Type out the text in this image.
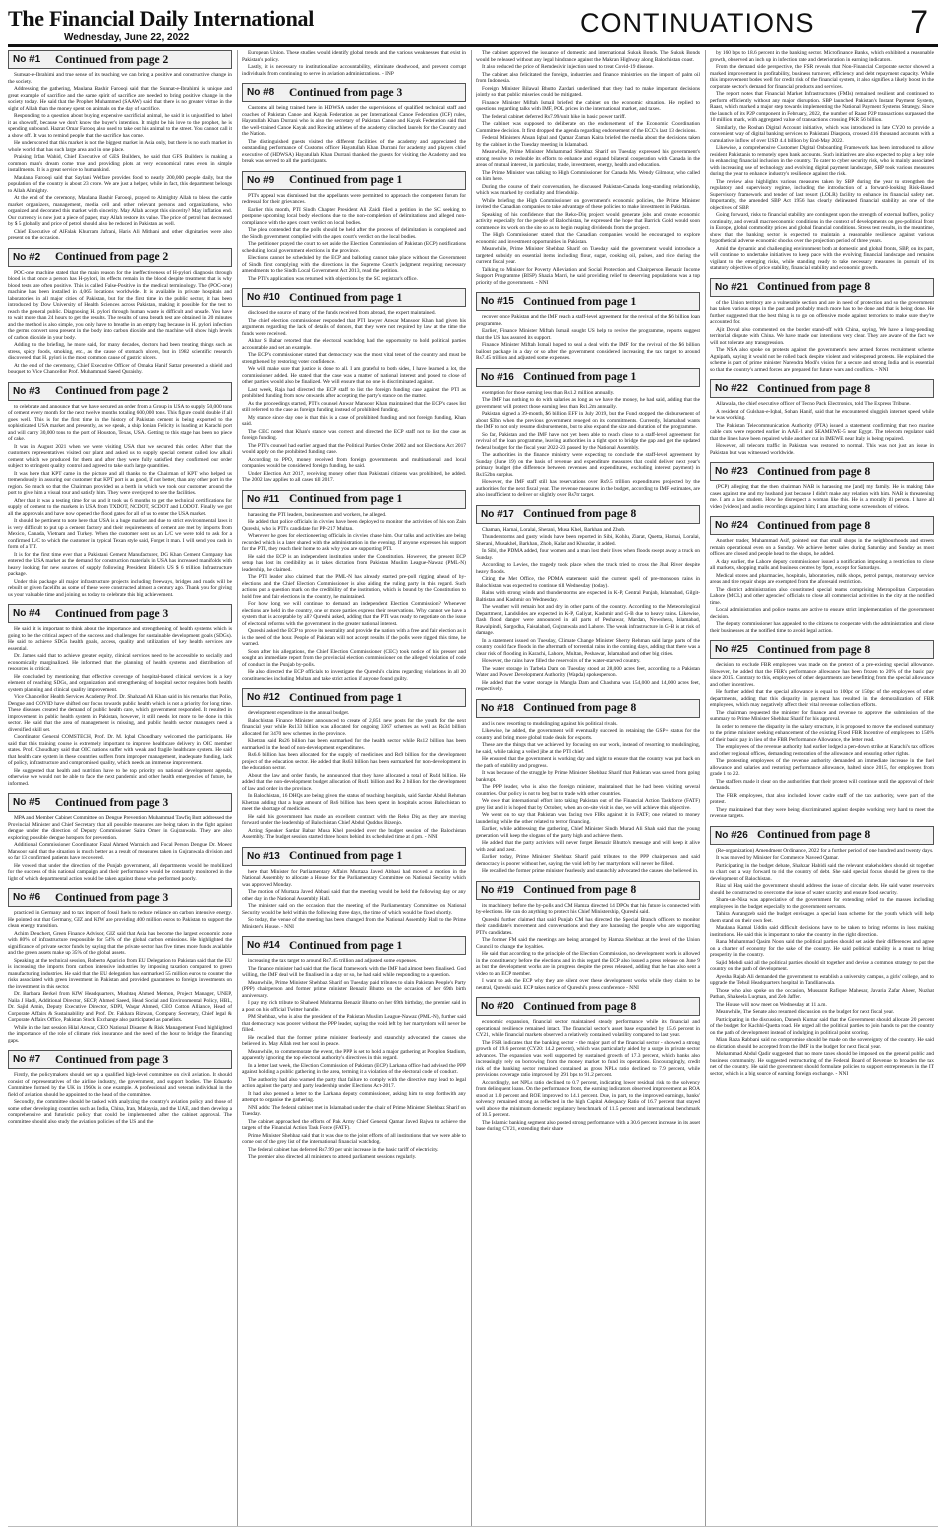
The Financial Daily International
Wednesday, June 22, 2022	CONTINUATIONS	7
No #1	Continued from page 2

Sumsat-e-Ibrahimi and true sense of its teaching we can bring a positive and constructive change in the society.

Addressing the gathering, Maulana Bashir Farooqi said that the Sunnat-e-Ibrahimi is unique and great example of sacrifice and the same spirit of sacrifice are needed to bring positive change in the society today. He said that the Prophet Muhammed (SAAW) said that there is no greater virtue in the sight of Allah than the money spent on animals on the day of sacrifice.

Responding to a question about buying expensive sacrificial animal, he said it is unjustified to label it as showoff, because we don't know the buyer's intention. It might be his love to the prophet, he is spending unbound. Hazrat Omar Farooq also used to take out his animal to the street. You cannot call it a show off. It was to remind people that the sacrifice has come.

He underscored that this market is not the biggest market in Asia only, but there is no such market in whole world that has such large area and in one place.

Praising Irfan Wahid, Chief Executive of GES Builders, he said that GFS Builders is making a common man's dream come true and providing plots at very economical rates even in simple installments. It is a great service to humankind.

Maulana Farooqi said that Saylani Welfare provides food to nearly 200,000 people daily, but the population of the country is about 23 crore. We are just a helper, while in fact, this department belongs to Allah Almighty.

At the end of the ceremony, Maulana Bashir Farooqi, prayed to Almighty Allah to bless the cattle market organizers, management, media cell and other relevant persons and organizations, who organized and decorated this market with sincerity. May Allah accept this sincerity? May inflation end. Our currency is now just a piece of paper, may Allah restore its value. The price of petrol has decreased by $ 5 globally and price of petrol should also be reduced in Pakistan as well.

Chief Executive of AlFalak Khurram Jafrani, Haris Ali Mithani and other dignitaries were also present on the occasion.

No #2	Continued from page 2

POC-one machine stated that the main reason for the ineffectiveness of H-pylori diagnosis through blood is that once a person has H-pylori, its effects remain in the blood despite treatment that is why blood tests are often positive. This is called False-Positive in the medical terminology. The (POC-one) machine has been installed in 4,065 locations worldwide. It is available in private hospitals and laboratories in all major cities of Pakistan, but for the first time in the public sector, it has been introduced by Dow University of Health Sciences across Pakistan, making it possible for the test to reach the general public. Diagnosing H. pylori through human waste is difficult and unsafe. You have to wait more than 24 hours to get the results. The results of urea breath test are obtained in 20 minutes and the method is also simple, you only have to breathe in an empty bag because in H. pylori infection the germs convert urea present in the body into carbon dioxide and the machine will show high levels of carbon dioxide in your body.

Adding to the briefing, he more said, for many decades, doctors had been treating things such as stress, spicy foods, smoking, etc., as the cause of stomach ulcers, but in 1982 scientific research discovered that H. pylori is the most common cause of gastric ulcers.

At the end of the ceremony, Chief Executive Officer of Omaka Hanif Sattar presented a shield and bouquet to Vice Chancellor Prof. Muhammad Saeed Quraishy.

No #3	Continued from page 2

to celebrate and announce that we have secured an order from a Group in USA to supply 50,000 tons of cement every month for the next twelve months totaling 600,000 tons. This figure could double if all goes well. This is for the first time in the history of Pakistan cement is being exported to the sophisticated USA market and presently, as we speak, a ship Ionian Felicity is loading at Karachi port and will carry 30,000 tons to the port of Houston, Texas, USA. Getting to this stage has been no piece of cake.

It was in August 2021 when we were visiting USA that we secured this order. After that the customers representatives visited our plant and asked us to supply special cement called low alkali cement which we produced for them and after they were fully satisfied they confirmed our order subject to stringent quality control and agreed to take such large quantities.

It was here that KPT came in the picture and all thanks to the Chairman of KPT who helped us tremendously in assuring our customer that KPT port is as good, if not better, than any other port in the region. So much so that the Chairman provided us a berth in which we took our customer around the port to give him a visual tour and satisfy him. They were overjoyed to see the facilities.

After that it was a testing time for us and it took us 6 months to get the technical certifications for supply of cement to the markets in USA from TXDOT, NCDOT, SCDOT and LODOT. Finally we got all the approvals and have now opened the flood gates for all of us to enter the USA market.

It should be pertinent to note here that USA is a huge market and due to strict environmental laws it is very difficult to put up a cement factory and their requirements of cement are met by imports from Mexico, Canada, Vietnam and Turkey. When the customer sent us an L/C we were told to ask for a confirmed L/C to which the customer in typical Texan style said, Forget it man. I will send you cash in form of a TT.

It is for the first time ever that a Pakistani Cement Manufacturer, DG Khan Cement Company has entered the USA market as the demand for construction materials in USA has increased manifolds with heavy looking for new sources of supply following President Biden's US $ 6 trillion Infrastructure package.

Under this package all major infrastructure projects including freeways, bridges and roads will be rebuilt or given facelifts as some of these were constructed almost a century ago. Thank you for giving us your valuable time and joining us today to celebrate this big achievement.

No #4	Continued from page 3

He said it is important to think about the importance and strengthening of health systems which is going to be the critical aspect of the success and challenges for sustainable development goals (SDGs). He said to achieve SDGs health goals, access, quality and utilization of key health services are essential.

Dr. James said that to achieve greater equity, clinical services need to be accessible to socially and economically marginalized. He informed that the planning of health systems and distribution of resources is critical.

He concluded by mentioning that effective coverage of hospital-based clinical services is a key element of reaching SDGs, and organization and strengthening of hospital sector requires both health system planning and clinical quality improvement.

Vice Chancellor Health Services Academy Prof. Dr. Shahzad Ali Khan said in his remarks that Polio, Dengue and COVID have shifted our focus towards public health which is not a priority for long time. These diseases created the demand of public health care, which government responded. It resulted in improvement in public health system in Pakistan, however, it still needs lot more to be done in this sector. He said that the area of management is missing, and public health sector managers need a diversified skill set.

Coordinator General COMSTECH, Prof. Dr. M. Iqbal Choudhary welcomed the participants. He said that this training course is extremely important to improve healthcare delivery in OIC member states. Prof. Choudhary said that OIC nations suffer with weak and fragile healthcare system. He said that health care system in these countries suffers from improper management, inadequate funding, lack of policy, infrastructure and compromised quality, which needs an immense improvement.

He suggested that health and nutrition have to be top priority on national development agenda, otherwise we would not be able to face the next pandemic and other health emergencies of future, he informed.

No #5	Continued from page 3

MPA and Member Cabinet Committee on Dengue Prevention Muhammad Tawfiq Butt addressed the Provincial Minister and Chief Secretary that all possible measures are being taken in the fight against dengue under the direction of Deputy Commissioner Saira Omer in Gujranwala. They are also exploring possible dengue hotspots for prevention.

Additional Commissioner Coordinator Fazal Ahmed Warraich and Focal Person Dengue Dr. Moeez Mansoor said that the situation is much better as a result of measures taken in Gujranwala division and so far 13 confirmed patients have recovered.

He vowed that under the direction of the Punjab government, all departments would be mobilized for the success of this national campaign and their performance would be constantly monitored in the light of which departmental action would be taken against those who performed poorly.

No #6	Continued from page 3

practiced in Germany and to tax import of fossil fuels to reduce reliance on carbon intensive energy. He pointed out that Germany, GIZ and KfW are providing 400 million euros to Pakistan to support the clean energy transition.

Achim Deuchert, Green Finance Advisor, GIZ said that Asia has become the largest economic zone with 80% of infrastructure responsible for 54% of the global carbon emissions. He highlighted the significance of private sector funds by saying that the private sector has five times more funds available and the green assets make up 35% of the global assets.

Speaking at the technical session, Roberto Aparicio from EU Delegation to Pakistan said that the EU is increasing the imports from carbon intensive industries by imposing taxation compared to green manufacturing industries. He said that the EU delegation has earmarked 55 million euros to counter the risks associated with green investment in Pakistan and provided guarantees to foreign investments on the investment in this sector.

Dr. Barbara Berkel from KfW Headquarters, Mushtaq Ahmed Memon, Project Manager, UNEP, Naila J Hadi, Additional Director, SECP, Ahmed Saeed, Head Social and Environmental Policy, HBL, Dr. Sajid Amin, Deputy Executive Director, SDPI, Waqar Ahmed, CEO Cotton Alliance, Head of Corporate Affairs & Sustainability and Prof. Dr. Fakhara Rizwan, Company Secretary, Chief legal & Corporate Affairs Office, Pakistan Stock Exchange also participated as panelists.

While in the last session Hilal Anwar, CEO National Disaster & Risk Management Fund highlighted the importance of the role of climate risk insurance and the need of the hour to bridge the financing gaps.

No #7	Continued from page 3

Firstly, the policymakers should set up a qualified high-level committee on civil aviation. It should consist of representatives of the airline industry, the government, and support bodies. The Eduardo Committee formed by the UK in 1960s is one example. A professional and veteran individual in the field of aviation should be appointed to the head of the committee.

Secondly, the committee should be tasked with analyzing the country's aviation policy and those of some other developing countries such as India, China, Iran, Malaysia, and the UAE, and then develop a comprehensive and futuristic policy that could be implemented after the cabinet approval. The committee should also study the aviation policies of the US and the

European Union. These studies would identify global trends and the various weaknesses that exist in Pakistan's policy.

Lastly, it is necessary to institutionalize accountability, eliminate deadwood, and prevent corrupt individuals from continuing to serve in aviation administrations. - INP

No #8	Continued from page 3

Customs all being trained here in HDWSA under the supervisions of qualified technical staff and coaches of Pakistan Canoe and Kayak Federation as per International Canoe Federation (ICF) rules, Hayatullah Khan Durrani who is also the secretary of Pakistan Canoe and Kayak Federation said that the well-trained Canoe Kayak and Rowing athletes of the academy clinched laurels for the Country and the Nation.

The distinguished guests visited the different facilities of the academy and appreciated the outstanding performance of Customs officer Hayatullah Khan Durrani for academy and players chief executive of (HDWSA) Hayatullah Khan Durrani thanked the guests for visiting the Academy and tea break was served to all the participants.

No #9	Continued from page 1

PTI's appeal was dismissed but the appellants were permitted to approach the competent forum for redressal for their grievances.

Earlier this month, PTI Sindh Chapter President Ali Zaidi filed a petition in the SC seeking to postpone upcoming local body elections due to the non-completion of delimitations and alleged non-compliance with the apex court verdict on local bodies.

The plea contended that the polls should be held after the process of delimitation is completed and the Sindh government complied with the apex court's verdict on the local bodies.

The petitioner prayed the court to set aside the Election Commission of Pakistan (ECP) notifications scheduling local government elections in the province.

Elections cannot be scheduled by the ECP and balloting cannot take place without the Government of Sindh first complying with the directions in the Supreme Court's judgment requiring necessary amendments to the Sindh Local Government Act 2013, read the petition.

The PTI's application was returned with objections by the SC registrar's office.

No #10 Continued from page 1

disclosed the source of many of the funds received from abroad, the expert maintained.

The chief election commissioner responded that PTI lawyer Anwar Mansoor Khan had given his arguments regarding the lack of details of donors, that they were not required by law at the time the funds were received.

Akbar S Babar retorted that the electoral watchdog had the opportunity to hold political parties accountable and set an example.

The ECP's commissioner stated that democracy was the most vital tenet of the country and must be strengthened by restoring voter confidence.

We will make sure that justice is done to all. I am grateful to both sides, I have learned a lot, the commissioner added. He stated that the case was a matter of national interest and posed to close of other parties would also be finalized. We will ensure that no one is discriminated against.

Last week, Raja had directed the ECP staff to list the foreign funding case against the PTI as prohibited funding from now onwards after accepting the party's stance on the matter.

As the proceedings started, PTI's counsel Anwar Mansoor Khan maintained that the ECP's cases list still referred to the case as foreign funding instead of prohibited funding.

My stance since day one is that this is a case of prohibited funding and not foreign funding, Khan said.

The CEC noted that Khan's stance was correct and directed the ECP staff not to list the case as foreign funding.

The PTI's counsel had earlier argued that the Political Parties Order 2002 and not Elections Act 2017 would apply on the prohibited funding case.

According to PPO, money received from foreign governments and multinational and local companies would be considered foreign funding, he said.

Under Election Act 2017, receiving money other than Pakistani citizens was prohibited, he added. The 2002 law applies to all cases till 2017.

No #11 Continued from page 1

harassing the PTI leaders, businessmen and workers, he alleged.

He added that police officials in civvies have been deployed to monitor the activities of his son Zain Qureshi, who is PTI's candidate for PP-217 Multan.

Wherever he goes for electioneering officials in civvies chase him. Our talks and activities are being recorded which is a later shared with the administration in the evening. If anyone expresses his support for the PTI, they reach their home to ask why you are supporting PTI.

He said the ECP is an independent institution under the Constitution. However, the present ECP setup has lost its credibility as it takes dictation from Pakistan Muslim League-Nawaz (PML-N) leadership, he claimed.

The PTI leader also claimed that the PML-N has already started pre-poll rigging ahead of by-elections and the Chief Election Commissioner is also aiding the ruling party in this regard. Such actions put a question mark on the credibility of the institution, which is bound by the Constitution to hold free and fair elections in the country, he maintained.

For how long we will continue to demand an independent Election Commission? Whenever elections are held in the country, one or more parties express their reservations. Why cannot we have a system that is acceptable by all? Qureshi asked, adding that the PTI was ready to negotiate on the issue of electoral reforms with the government in the greater national interest.

Qureshi asked the ECP to prove its neutrality and provide the nation with a free and fair election as it is the need of the hour. People of Pakistan will not accept results if the polls were rigged this time, he warned.

Soon after his allegations, the Chief Election Commissioner (CEC) took notice of his presser and sought an immediate report from the provincial election commissioner on the alleged violation of code of conduct in the Punjab by-polls.

He also directed the ECP officials to investigate the Qureshi's claims regarding violations in all 20 constituencies including Multan and take strict action if anyone found guilty.

No #12 Continued from page 1

development expenditure in the annual budget.

Balochistan Finance Minister announced to create of 2,851 new posts for the youth for the next financial year while Rs133 billion was allocated for ongoing 3367 schemes as well as Rs34 billion allocated for 3470 new schemes in the province.

Khetran said Rs26 billion has been earmarked for the health sector while Rs12 billion has been earmarked in the head of non-development expenditures.

Rs6.6 billion has been allocated for the supply of medicines and Rs9 billion for the development project of the education sector. He added that Rs63 billion has been earmarked for non-development in the education sector.

About the law and order funds, he announced that they have allocated a total of Rs44 billion. He added that the non-development budget allocation of Rs41 billion and Rs 2 billion for the development of law and order in the province.

In Balochistan, 16 DHQs are being given the status of teaching hospitals, said Sardar Abdul Rehman Khetran adding that a huge amount of Rs6 billion has been spent in hospitals across Balochistan to meet the shortage of medicines.

He said his government has made an excellent contract with the Reko Diq as they are moving forward under the leadership of Balochistan Chief Abdul Quddus Bizenjo.

Acting Speaker Sardar Babar Musa Khel presided over the budget session of the Balochistan Assembly. The budget session started three hours behind its scheduled time at 4 pm. - NNI

No #13 Continued from page 1

here that Minister for Parliamentary Affairs Murtaza Javed Abbasi had moved a motion in the National Assembly to allocate a House for the Parliamentary Committee on National Security which was approved Monday.

The motion of Murtaza Javed Abbasi said that the meeting would be held the following day or any other day in the National Assembly Hall.

The minister said on the occasion that the meeting of the Parliamentary Committee on National Security would be held within the following three days, the time of which would be fixed shortly.

So today, the venue of the meeting has been changed from the National Assembly Hall to the Prime Minister's House. - NNI

No #14 Continued from page 1

increasing the tax target to around Rs7.45 trillion and adjusted some expenses.

The finance minister had said that the fiscal framework with the IMF had almost been finalised. God willing, the IMF deal will be finalised in a day or so, he had said while responding to a question.

Meanwhile, Prime Minister Shehbaz Sharif on Tuesday paid tributes to slain Pakistan People's Party (PPP) chairperson and former prime minister Benazir Bhutto on the occasion of her 69th birth anniversary.

I pay my rich tribute to Shaheed Mohtarma Benazir Bhutto on her 69th birthday, the premier said in a post on his official Twitter handle.

PM Shehbaz, who is also the president of the Pakistan Muslim League-Nawaz (PML-N), further said that democracy was poorer without the PPP leader, saying the void left by her martyrdom will never be filled.

He recalled that the former prime minister fearlessly and staunchly advocated the causes she believed in. May Allah rest her soul in peace.

Meanwhile, to commemorate the event, the PPP is set to hold a major gathering at Pooplon Stadium, apparently ignoring the top electoral authority's directives in this regard.

In a letter last week, the Election Commission of Pakistan (ECP) Larkana office had advised the PPP against holding a public gathering in the area, terming it a violation of the electoral code of conduct.

The authority had also warned the party that failure to comply with the directive may lead to legal action against the party and party leadership under Elections Act-2017.

It had also penned a letter to the Larkana deputy commissioner, asking him to stop forthwith any attempt to organise the gathering.

NNI adds: The federal cabinet met in Islamabad under the chair of Prime Minister Shehbaz Sharif on Tuesday.

The cabinet approached the efforts of Pak Army Chief General Qamar Javed Bajwa to achieve the targets of the Financial Action Task Force (FATF).

Prime Minister Shehbaz said that it was due to the joint efforts of all institutions that we were able to come out of the grey list of the international financial watchdog.

The federal cabinet has deferred Rs7.99 per unit increase in the basic tariff of electricity.

The premier also directed all ministers to attend parliament sessions regularly.

The cabinet approved the issuance of domestic and international Sukuk Bonds. The Sukuk Bonds would be released without any legal hindrance against the Makran Highway along Balochistan coast.

It also reduced the price of Remdesivir injection used to treat Covid-19 disease.

The cabinet also felicitated the foreign, industries and finance ministries on the import of palm oil from Indonesia.

Foreign Minister Bilawal Bhutto Zardari underlined that they had to make important decisions jointly so that public miseries could be mitigated.

Finance Minister Miftah Ismail briefed the cabinet on the economic situation. He replied to questions regarding talks with IMF, POL prices in the international market, and taxes.

The federal cabinet deferred Rs7.99/unit hike in basic power tariff.

The cabinet was supposed to deliberate on the endorsement of the Economic Coordination Committee decision. It first dropped the agenda regarding endorsement of the ECC's last 13 decisions.

Federal Ministers Ahsan Iqbal and Qamar Zaman Kaira briefed the media about the decisions taken by the cabinet in the Tuesday meeting in Islamabad.

Meanwhile, Prime Minister Muhammad Shehbaz Sharif on Tuesday expressed his government's strong resolve to redouble its efforts to enhance and expand bilateral cooperation with Canada in the areas of mutual interest, in particular, trade, investment, energy, health and education.

The Prime Minister was talking to High Commissioner for Canada Ms. Wendy Gilmour, who called on him here.

During the course of their conversation, he discussed Pakistan-Canada long-standing relationship, which was marked by cordiality and friendship.

While briefing the High Commissioner on government's economic policies, the Prime Minister invited the Canadian companies to take advantage of these policies to make investment in Pakistan.

Speaking of his confidence that the Reko-Diq project would generate jobs and create economic activity especially for the people of Balochistan, he expressed the hope that Barrick Gold would soon commence its work on the site so as to begin reaping dividends from the project.

The High Commissioner stated that the Canadian companies would be encouraged to explore economic and investment opportunities in Pakistan.

Meanwhile, Prime Minister Shehbaz Sharif on Tuesday said the government would introduce a targeted subsidy on essential items including flour, sugar, cooking oil, pulses, and rice during the current fiscal year.

Talking to Minister for Poverty Alleviation and Social Protection and Chairperson Benazir Income Support Programme (BISP) Shazia Marri, he said providing relief to deserving populations was a top priority of the government. - NNI

No #15 Continued from page 1

recover once Pakistan and the IMF reach a staff-level agreement for the revival of the $6 billion loan programme.

Earlier, Finance Minister Miftah Ismail sought US help to revive the programme, reports suggest that the US has assured its support.

Finance Minister Miftah Ismail hoped to seal a deal with the IMF for the revival of the $6 billion bailout package in a day or so after the government considered increasing the tax target to around Rs7.45 trillion and adjusted some expenses.

No #16 Continued from page 1

exemption for those earning less than Rs1.2 million annually.

The IMF has nothing to do with salaries as long as we have the money, he had said, adding that the government will protect those earning less than Rs1.2m annually.

Pakistan signed a 39-month, $6 billion EFF in July 2019, but the Fund stopped the disbursement of about $3bn when the previous government reneged on its commitments. Currently, Islamabad wants the IMF to not only resume disbursements, but to also expand the size and duration of the programme.

So far, Pakistan and the IMF have not yet been able to reach close to a staff-level agreement for revival of the loan programme, leaving authorities in a tight spot to bridge the gap and get the updated federal budget for the fiscal year 2022-23 passed by the National Assembly.

The authorities in the finance ministry were expecting to conclude the staff-level agreement by Sunday (June 19) on the basis of revenue and expenditure measures that could deliver next year's primary budget (the difference between revenues and expenditures, excluding interest payment) in Rs152bn surplus.

However, the IMF staff still has reservations over Rs9.5 trillion expenditures projected by the authorities for the next fiscal year. The revenue measures in the budget, according to IMF estimates, are also insufficient to deliver or slightly over Rs7tr target.

No #17 Continued from page 8

Chaman, Harnai, Loralai, Sherani, Musa Khel, Barkhan and Zhob.

Thunderstorms and gusty winds have been reported in Sibi, Kohlu, Ziarat, Quetta, Harnai, Loralai, Sherani, Musakhel, Barkhan, Zhob, Kalat and Khuzdar, it added.

In Sibi, the PDMA added, four women and a man lost their lives when floods swept away a truck on Sunday.

According to Levies, the tragedy took place when the truck tried to cross the Jhal River despite heavy floods.

Citing the Met Office, the PDMA statement said the current spell of pre-monsoon rains in Balochistan was expected to continue till Wednesday (today).

Rains with strong winds and thunderstorms are expected in K-P, Central Punjab, Islamabad, Gilgit-Baltistan and Kashmir on Wednesday.

The weather will remain hot and dry in other parts of the country. According to the Meteorological Department, Landslides are expected in K-P, Galiyat, Kashmir and G-B due to heavy rains. Likewise, flash flood danger were announced in all parts of Peshawar, Mardan, Nowshera, Islamabad, Rawalpindi, Sargodha, Faisalabad, Gujranwala and Lahore. The weak infrastructure in G-B is at risk of damage.

In a statement issued on Tuesday, Climate Change Minister Sherry Rehman said large parts of the country could face floods in the aftermath of torrential rains in the coming days, adding that there was a clear risk of flooding in Karachi, Lahore, Multan, Peshawar, Islamabad and other big cities.

However, the rains have filled the reservoirs of the water-starved country.

The water storage in Tarbela Dam on Tuesday stood at 28,000 acres feet, according to a Pakistan Water and Power Development Authority (Wapda) spokesperson.

He added that the water storage in Mangla Dam and Chashma was 154,000 and 14,000 acres feet, respectively.

No #18 Continued from page 8

and is now resorting to mudslinging against his political rivals.

Likewise, he added, the government will eventually succeed in retaining the GSP+ status for the country and bring more global trade deals for exports.

These are the things that we achieved by focusing on our work, instead of resorting to mudslinging, he said, while taking a veiled jibe at the PTI chief.

He ensured that the government is working day and night to ensure that the country was put back on the path of stability and progress.

It was because of the struggle by Prime Minister Shehbaz Sharif that Pakistan was saved from going bankrupt.

The PPP leader, who is also the foreign minister, maintained that he had been visiting several countries. Our policy is not to beg but to trade with other countries.

We owe that international effort into taking Pakistan out of the Financial Action Taskforce (FATF) grey list and it is hoped that by October, when an on-site visit is due, we will achieve this objective.

We went on to say that Pakistan was facing two FIRs against it in FATF; one related to money laundering while the other related to terror financing.

Earlier, while addressing the gathering, Chief Minister Sindh Murad Ali Shah said that the young generation will keep the slogans of the party high and achieve them.

He added that the party activists will never forget Benazir Bhutto's message and will keep it alive with zeal and zest.

Earlier today, Prime Minister Shehbaz Sharif paid tributes to the PPP chairperson and said democracy is poorer without her, saying the void left by her martyrdom will never be filled.

He recalled the former prime minister fearlessly and staunchly advocated the causes she believed in.

No #19 Continued from page 8

its machinery before the by-polls and CM Hamza directed 14 DPOs that his future is connected with by-elections. He can do anything to protect his Chief Ministership, Qureshi said.

Qureshi further claimed that said Punjab CM has directed the Special Branch officers to monitor their candidate's movement and conversations and they are harassing the people who are supporting PTI's candidates.

The former FM said the meetings are being arranged by Hamza Shehbaz at the level of the Union Council to change the loyalties.

He said that according to the principle of the Election Commission, no development work is allowed in the constituency before the elections and in this regard the ECP also issued a press release on June 9 as but the development works are in progress despite the press released, adding that he has also sent a video to an ECP member.

I want to ask the ECP why they are silent over these development works while they claim to be neutral, Qureshi said. ECP takes notice of Qureshi's press conference - NNI

No #20 Continued from page 8

economic expansion, financial sector maintained steady performance while its financial and operational resilience remained intact. The financial sector's asset base expanded by 15.6 percent in CY21, while financial markets observed a relatively contained volatility compared to last year.

The FSR indicates that the banking sector - the major part of the financial sector - showed a strong growth of 19.6 percent (CY20: 14.2 percent), which was particularly aided by a surge in private sector advances. The expansion was well supported by sustained growth of 17.3 percent, which banks also increasingly rely on borrowing from the money market to fund its operations. Encouragingly, credit risk of the banking sector remained contained as gross NPLs ratio declined to 7.9 percent, while provisions coverage ratio improved by 291 bps to 91.2 percent.

Accordingly, net NPLs ratio declined to 0.7 percent, indicating lower residual risk to the solvency from delinquent loans. On the performance front, the earning indicators observed improvement as ROA stood at 1.0 percent and ROE improved to 14.1 percent. Due, in part, to the improved earnings, banks' solvency remained strong as reflected in the high Capital Adequacy Ratio of 16.7 percent that stayed well above the minimum domestic regulatory benchmark of 11.5 percent and international benchmark of 10.5 percent.

The Islamic banking segment also posted strong performance with a 30.6 percent increase in its asset base during CY21, extending their share

by 160 bps to 18.6 percent in the banking sector. Microfinance Banks, which exhibited a reasonable growth, observed an inch up in infection rate and deterioration in earning indicators.

From the demand side perspective, the FSR reveals that Non-Financial Corporate sector showed a marked improvement in profitability, business turnover, efficiency and debt repayment capacity. While this improvement bodes well for credit risk of the financial system, it also signifies a likely boost in the corporate sector's demand for financial products and services.

The report notes that Financial Market Infrastructures (FMIs) remained resilient and continued to perform efficiently without any major disruption. SBP launched Pakistan's Instant Payment System, Raast, which marked a major step towards implementing the National Payment Systems Strategy. Since the launch of its P2P component in February, 2022, the number of Raast P2P transactions surpassed the 10 million mark, with aggregated value of transactions crossing PKR 56 billion.

Similarly, the Roshan Digital Account initiative, which was introduced in late CY20 to provide a convenient way of digital banking services to Pakistani Diaspora, crossed 416 thousand accounts with a cumulative inflow of over USD 4.4 billion by End-May 2022.

Likewise, a comprehensive Customer Digital Onboarding Framework has been introduced to allow resident Pakistanis to remotely open bank accounts. Such initiatives are also expected to play a key role in enhancing financial inclusion in the country. To cater to cyber security risk, who is mainly associated with increasing use of technology and evolving digital payment landscape, SBP took various measures during the year to enhance industry's resilience against the risk.

The review also highlights various measures taken by SBP during the year to strengthen the regulatory and supervisory regime, including the introduction of a forward-looking Risk-Based Supervisory framework and tender of last resort (LOLR) facility to enhance its financial safety net. Importantly, the amended SBP Act 1956 has clearly delineated financial stability as one of the objectives of SBP.

Going forward, risks to financial stability are contingent upon the strength of external buffers, policy continuity, and overall macroeconomic conditions in the context of developments on geo-political front in Europe, global commodity prices and global financial conditions. Stress test results, in the meantime, show that the banking sector is expected to maintain a reasonable resilience against various hypothetical adverse economic shocks over the projection period of three years.

Amid the dynamic and challenging environment both at domestic and global fronts, SBP, on its part, will continue to undertake initiatives to keep pace with the evolving financial landscape and remains vigilant to the emerging risks, while standing ready to take necessary measures in pursuit of its statutory objectives of price stability, financial stability and economic growth.

No #21 Continued from page 8

of the Union territory are a vulnerable section and are in need of protection and so the government has taken various steps in the past and probably much more has to be done and that is being done. He further suggested that the best thing is to go on offensive mode against terrorists to make sure they're accounted for.

Ajit Doval also commented on the border stand-off with China, saying, We have a long-pending territorial dispute with China. We have made our intentions very clear. They are aware of the fact we will not tolerate any transgression.

The NSA also spoke on protests against the government's new armed forces recruitment scheme Agnipath, saying it would not be rolled back despite violent and widespread protests. He explained the scheme is part of prime minister Narendra Modi's vision for a secure and strong India and is essential so that the country's armed forces are prepared for future wars and conflicts. - NNI

No #22 Continued from page 8

Allawala, the chief executive officer of Tecno Pack Electronics, told The Express Tribune.

A resident of Gulshan-e-Iqbal, Sohan Hanif, said that he encountered sluggish internet speed while he was working.

The Pakistan Telecommunication Authority (PTA) issued a statement confirming that two marine cable cuts were reported earlier in AAE-1 and SEAMEWE-5 near Egypt. The telecom regulator said that the lines have been repaired while another cut in IMEWE near Italy is being repaired.

However, all telecom traffic in Pakistan was restored to normal. This was not just an issue in Pakistan but was witnessed worldwide.

No #23 Continued from page 8

(PCP) alleging that the then chairman NAB is harassing me [and] my family. He is making fake cases against me and my husband just because I didn't make any relation with him. NAB is threatening me. I am a law student. How he disrespect a woman like this. He is a morally ill person. I have all video [videos] and audio recordings against him; I am attaching some screenshots of videos.

No #24 Continued from page 8

Another trader, Muhammad Asif, pointed out that small shops in the neighbourhoods and streets remain operational even on a Sunday. We achieve better sales during Saturday and Sunday as most offices are closed and people head to the shops, he added.

A day earlier, the Lahore deputy commissioner issued a notification imposing a restriction to close all markets, shopping malls and business centres by 9pm, except for Saturdays.

Medical stores and pharmacies, hospitals, laboratories, milk shops, petrol pumps, motorway service areas and tire repair shops are exempted from the aforesaid restriction.

The district administration also constituted special teams comprising Metropolitan Corporation Lahore (MCL) and other agencies' officials to close all commercial activities in the city at the notified time.

Local administration and police teams are active to ensure strict implementation of the government decision.

The deputy commissioner has appealed to the citizens to cooperate with the administration and close their businesses at the notified time to avoid legal action.

No #25 Continued from page 8

decision to exclude FBR employees was made on the pretext of a pre-existing special allowance. However, he added that the FBR's performance allowance has been frozen to 20% of the basic pay since 2015. Contrary to this, employees of other departments are benefitting from the special allowance and other incentives.

He further added that the special allowance is equal to 100pc or 150pc of the employees of other departments, adding that this disparity in payment has resulted in the demoralization of FBR employees, which may negatively affect their vital revenue collection efforts.

The chairman requested the minister for finance and revenue to approve the submission of the summary to Prime Minister Shehbaz Sharif for his approval.

In order to remove the disparity in the salary structure, it is proposed to move the enclosed summary to the prime minister seeking enhancement of the existing Fixed FBR Incentive of employees to 150% of their basic pay in lieu of the FBR Performance Allowance, the letter read.

The employees of the revenue authority had earlier lodged a pen-down strike at Karachi's tax offices and other regional offices, demanding restoration of the allowance and ensuring other rights.

The protesting employees of the revenue authority demanded an immediate increase in the fuel allowance and salaries and restoring performance allowance, halted since 2015, for employees from grade 1 to 22.

The staffers made it clear on the authorities that their protest will continue until the approval of their demands.

The FBR employees, that also included lower cadre staff of the tax authority, were part of the protest.

They maintained that they were being discriminated against despite working very hard to meet the revenue targets.

No #26 Continued from page 8

(Re-organization) Amendment Ordinance, 2022 for a further period of one hundred and twenty days.

It was moved by Minister for Commerce Naveed Qamar.

Participating in the budget debate, Shahzar Habidi said the relevant stakeholders should sit together to chart out a way forward to rid the country of debt. She said special focus should be given to the development of Balochistan.

Riaz ul Haq said the government should address the issue of circular debt. He said water reservoirs should be constructed to overcome the issue of water scarcity and ensure food security.

Sham-un-Nisa was appreciative of the government for extending relief to the masses including employees in the budget especially to the government servants.

Tahira Aurangzeb said the budget envisages a special loan scheme for the youth which will help them stand on their own feet.

Maulana Kamal Uddin said difficult decisions have to be taken to bring reforms in loss making institutions. He said this is important to take the country in the right direction.

Rana Muhammad Qasim Noon said the political parties should set aside their differences and agree on a charter of economy for the sake of the country. He said political stability is a must to bring prosperity in the country.

Sajid Mehdi said all the political parties should sit together and devise a common strategy to put the country on the path of development.

Ayesha Rajab Ali demanded the government to establish a university campus, a girls' college, and to upgrade the Tehsil Headquarters hospital in Tandlianwala.

Those who also spoke on the occasion, Mussarat Rafique Mahesar, Javaria Zafar Aheer, Nuzhat Pathan, Shakeela Luqman, and Zeb Jaffer.

The House will now meet on Wednesday at 11 a.m.

Meanwhile, The Senate also resumed discussion on the budget for next fiscal year.

Participating in the discussion, Danesh Kumar said that the Government should allocate 20 percent of the budget for Kachhi-Quetta road. He urged all the political parties to join hands to put the country on the path of development instead of indulging in political point scoring.

Mian Raza Rabbani said no compromise should be made on the sovereignty of the country. He said no dictation should be accepted from the IMF in the budget for next fiscal year.

Mohammad Abdul Qadir suggested that no more taxes should be imposed on the general public and business community. He suggested restructuring of the Federal Board of Revenue to broaden the tax net of the country. He said the government should formulate policies to support entrepreneurs in the IT sector, which is a big source of earning foreign exchange. - NNI
